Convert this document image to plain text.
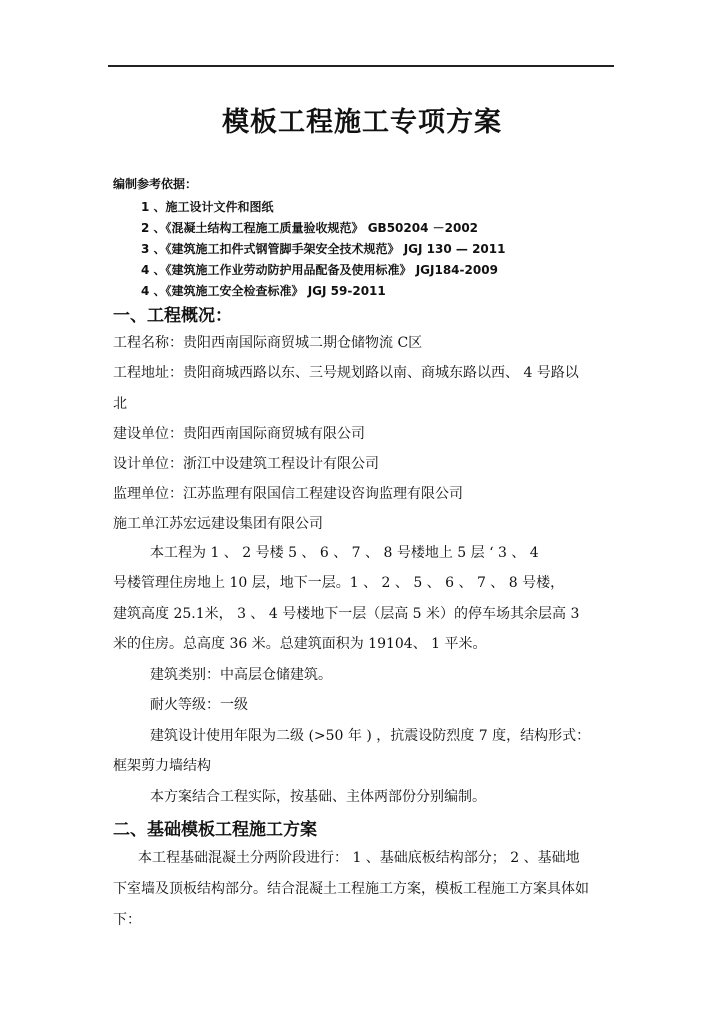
模板工程施工专项方案
编制参考依据：
1 、施工设计文件和图纸
2 、《混凝土结构工程施工质量验收规范》 GB50204 －2002
3 、《建筑施工扣件式钢管脚手架安全技术规范》 JGJ 130 — 2011
4 、《建筑施工作业劳动防护用品配备及使用标准》 JGJ184-2009
4 、《建筑施工安全检查标准》 JGJ 59-2011
一、工程概况：
工程名称：贵阳西南国际商贸城二期仓储物流 C区
工程地址：贵阳商城西路以东、三号规划路以南、商城东路以西、 4 号路以
北
建设单位：贵阳西南国际商贸城有限公司
设计单位：浙江中设建筑工程设计有限公司
监理单位：江苏监理有限国信工程建设咨询监理有限公司
施工单江苏宏远建设集团有限公司
本工程为 1 、 2 号楼 5 、 6 、 7 、 8 号楼地上 5 层 ‘ 3 、 4
号楼管理住房地上 10 层，地下一层。1 、 2 、 5 、 6 、 7 、 8 号楼，
建筑高度 25.1米， 3 、 4 号楼地下一层（层高 5 米）的停车场其余层高 3
米的住房。总高度 36 米。总建筑面积为 19104、 1 平米。
建筑类别：中高层仓储建筑。
耐火等级：一级
建筑设计使用年限为二级 (>50 年 ) ，抗震设防烈度 7 度，结构形式：
框架剪力墙结构
本方案结合工程实际，按基础、主体两部份分别编制。
二、基础模板工程施工方案
本工程基础混凝土分两阶段进行： 1 、基础底板结构部分； 2 、基础地
下室墙及顶板结构部分。结合混凝土工程施工方案，模板工程施工方案具体如
下：
